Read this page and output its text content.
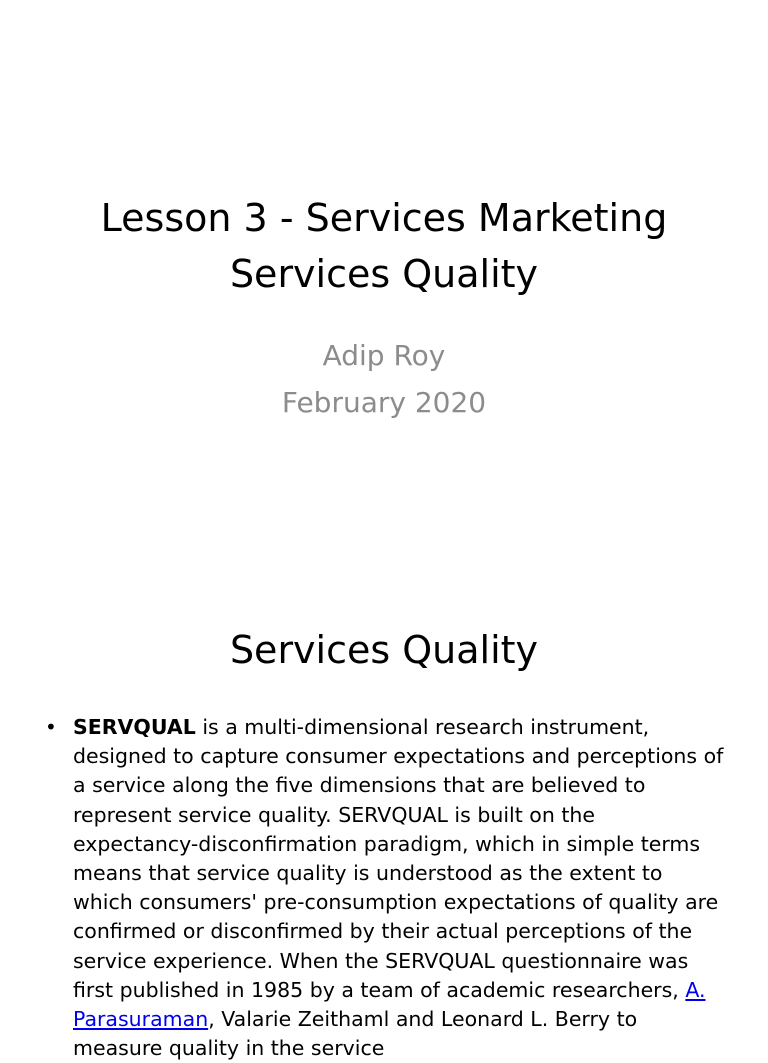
Lesson 3 - Services Marketing
Services Quality
Adip Roy
February 2020
Services Quality
• SERVQUAL is a multi-dimensional research instrument, designed to capture consumer expectations and perceptions of a service along the five dimensions that are believed to represent service quality. SERVQUAL is built on the expectancy-disconfirmation paradigm, which in simple terms means that service quality is understood as the extent to which consumers' pre-consumption expectations of quality are confirmed or disconfirmed by their actual perceptions of the service experience. When the SERVQUAL questionnaire was first published in 1985 by a team of academic researchers, A. Parasuraman, Valarie Zeithaml and Leonard L. Berry to measure quality in the service
